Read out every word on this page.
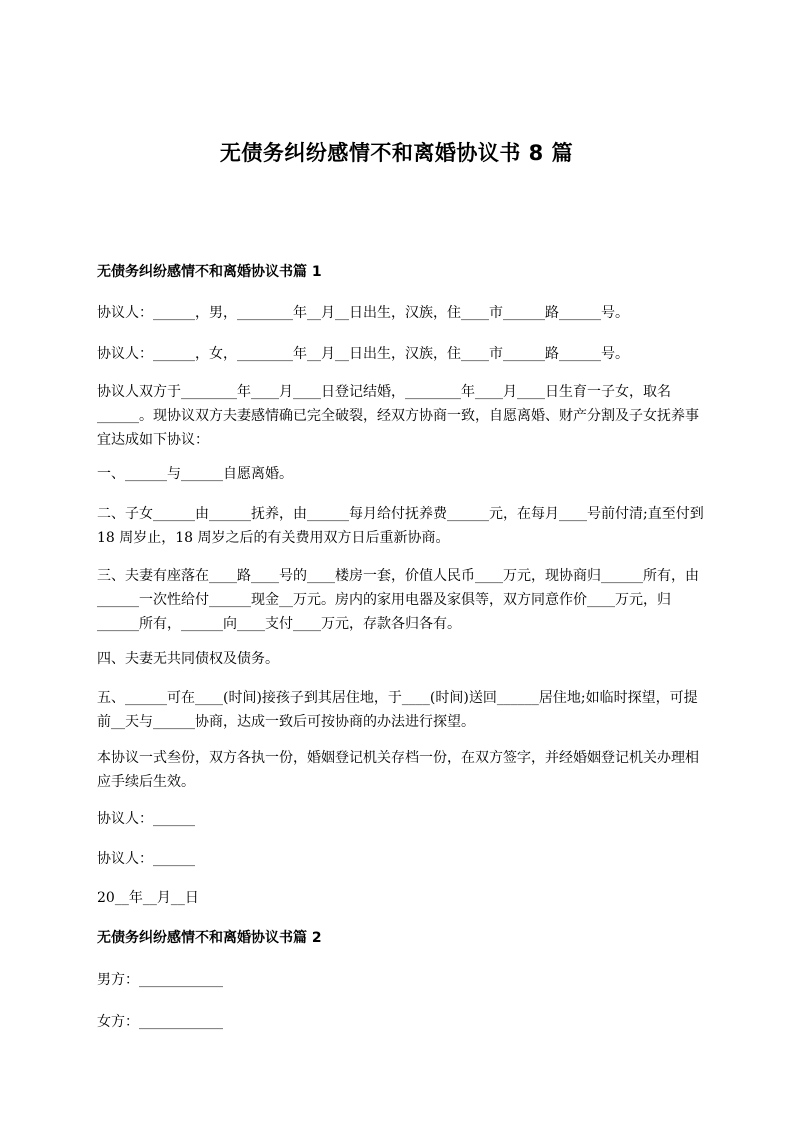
无债务纠纷感情不和离婚协议书 8 篇
无债务纠纷感情不和离婚协议书篇 1
协议人：______，男，________年__月__日出生，汉族，住____市______路______号。
协议人：______，女，________年__月__日出生，汉族，住____市______路______号。
协议人双方于________年____月____日登记结婚，________年____月____日生育一子女，取名______。现协议双方夫妻感情确已完全破裂，经双方协商一致，自愿离婚、财产分割及子女抚养事宜达成如下协议：
一、______与______自愿离婚。
二、子女______由______抚养，由______每月给付抚养费______元，在每月____号前付清;直至付到 18 周岁止，18 周岁之后的有关费用双方日后重新协商。
三、夫妻有座落在____路____号的____楼房一套，价值人民币____万元，现协商归______所有，由______一次性给付______现金__万元。房内的家用电器及家俱等，双方同意作价____万元，归______所有，______向____支付____万元，存款各归各有。
四、夫妻无共同债权及债务。
五、______可在____(时间)接孩子到其居住地，于____(时间)送回______居住地;如临时探望，可提前__天与______协商，达成一致后可按协商的办法进行探望。
本协议一式叁份，双方各执一份，婚姻登记机关存档一份，在双方签字，并经婚姻登记机关办理相应手续后生效。
协议人：______
协议人：______
20__年__月__日
无债务纠纷感情不和离婚协议书篇 2
男方：____________
女方：____________
